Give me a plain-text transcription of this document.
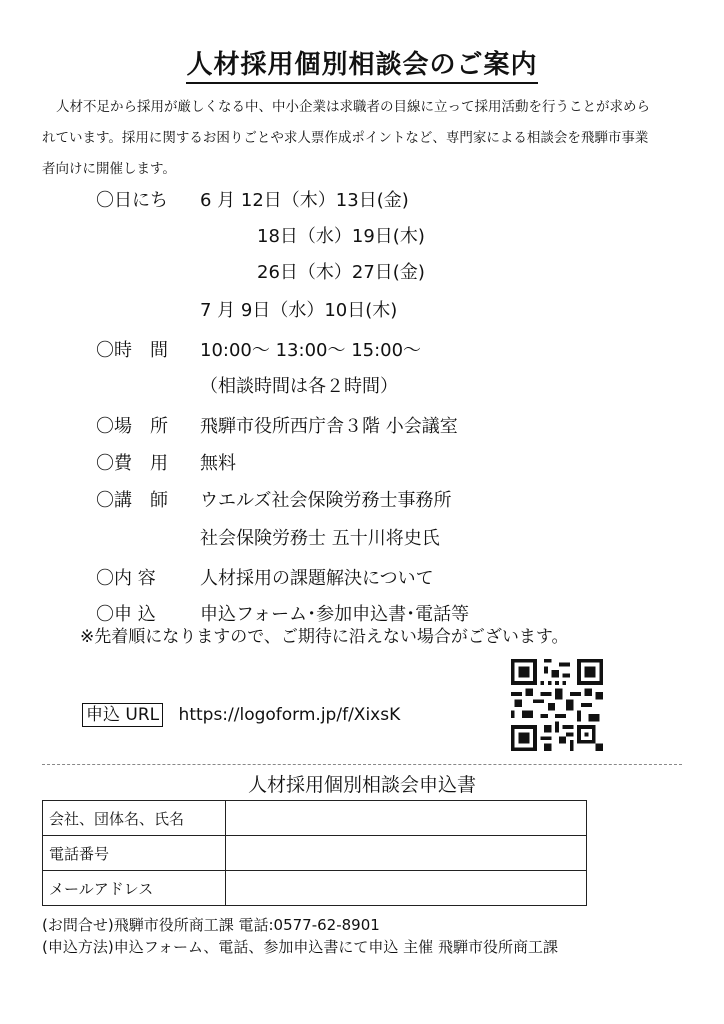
人材採用個別相談会のご案内

人材不足から採用が厳しくなる中、中小企業は求職者の目線に立って採用活動を行うことが求めら

れています。採用に関するお困りごとや求人票作成ポイントなど、専門家による相談会を飛騨市事業
者向けに開催します。
〇日にち 6 月 12日（木）13日(金)
18日（水）19日(木)
26日（木）27日(金)
7 月 9日（水）10日(木)
〇時　間 10:00～ 13:00～ 15:00～
（相談時間は各２時間）
〇場　所 飛騨市役所西庁舎３階 小会議室
〇費　用 無料
〇講　師 ウエルズ社会保険労務士事務所
社会保険労務士 五十川将史氏
〇内 容 人材採用の課題解決について
〇申 込 申込フォーム･参加申込書･電話等
※先着順になりますので、ご期待に沿えない場合がございます。
申込 URL https://logoform.jp/f/XixsK
人材採用個別相談会申込書
会社、団体名、氏名	
電話番号	
メールアドレス	
(お問合せ)飛騨市役所商工課 電話:0577-62-8901
(申込方法)申込フォーム、電話、参加申込書にて申込 主催 飛騨市役所商工課
